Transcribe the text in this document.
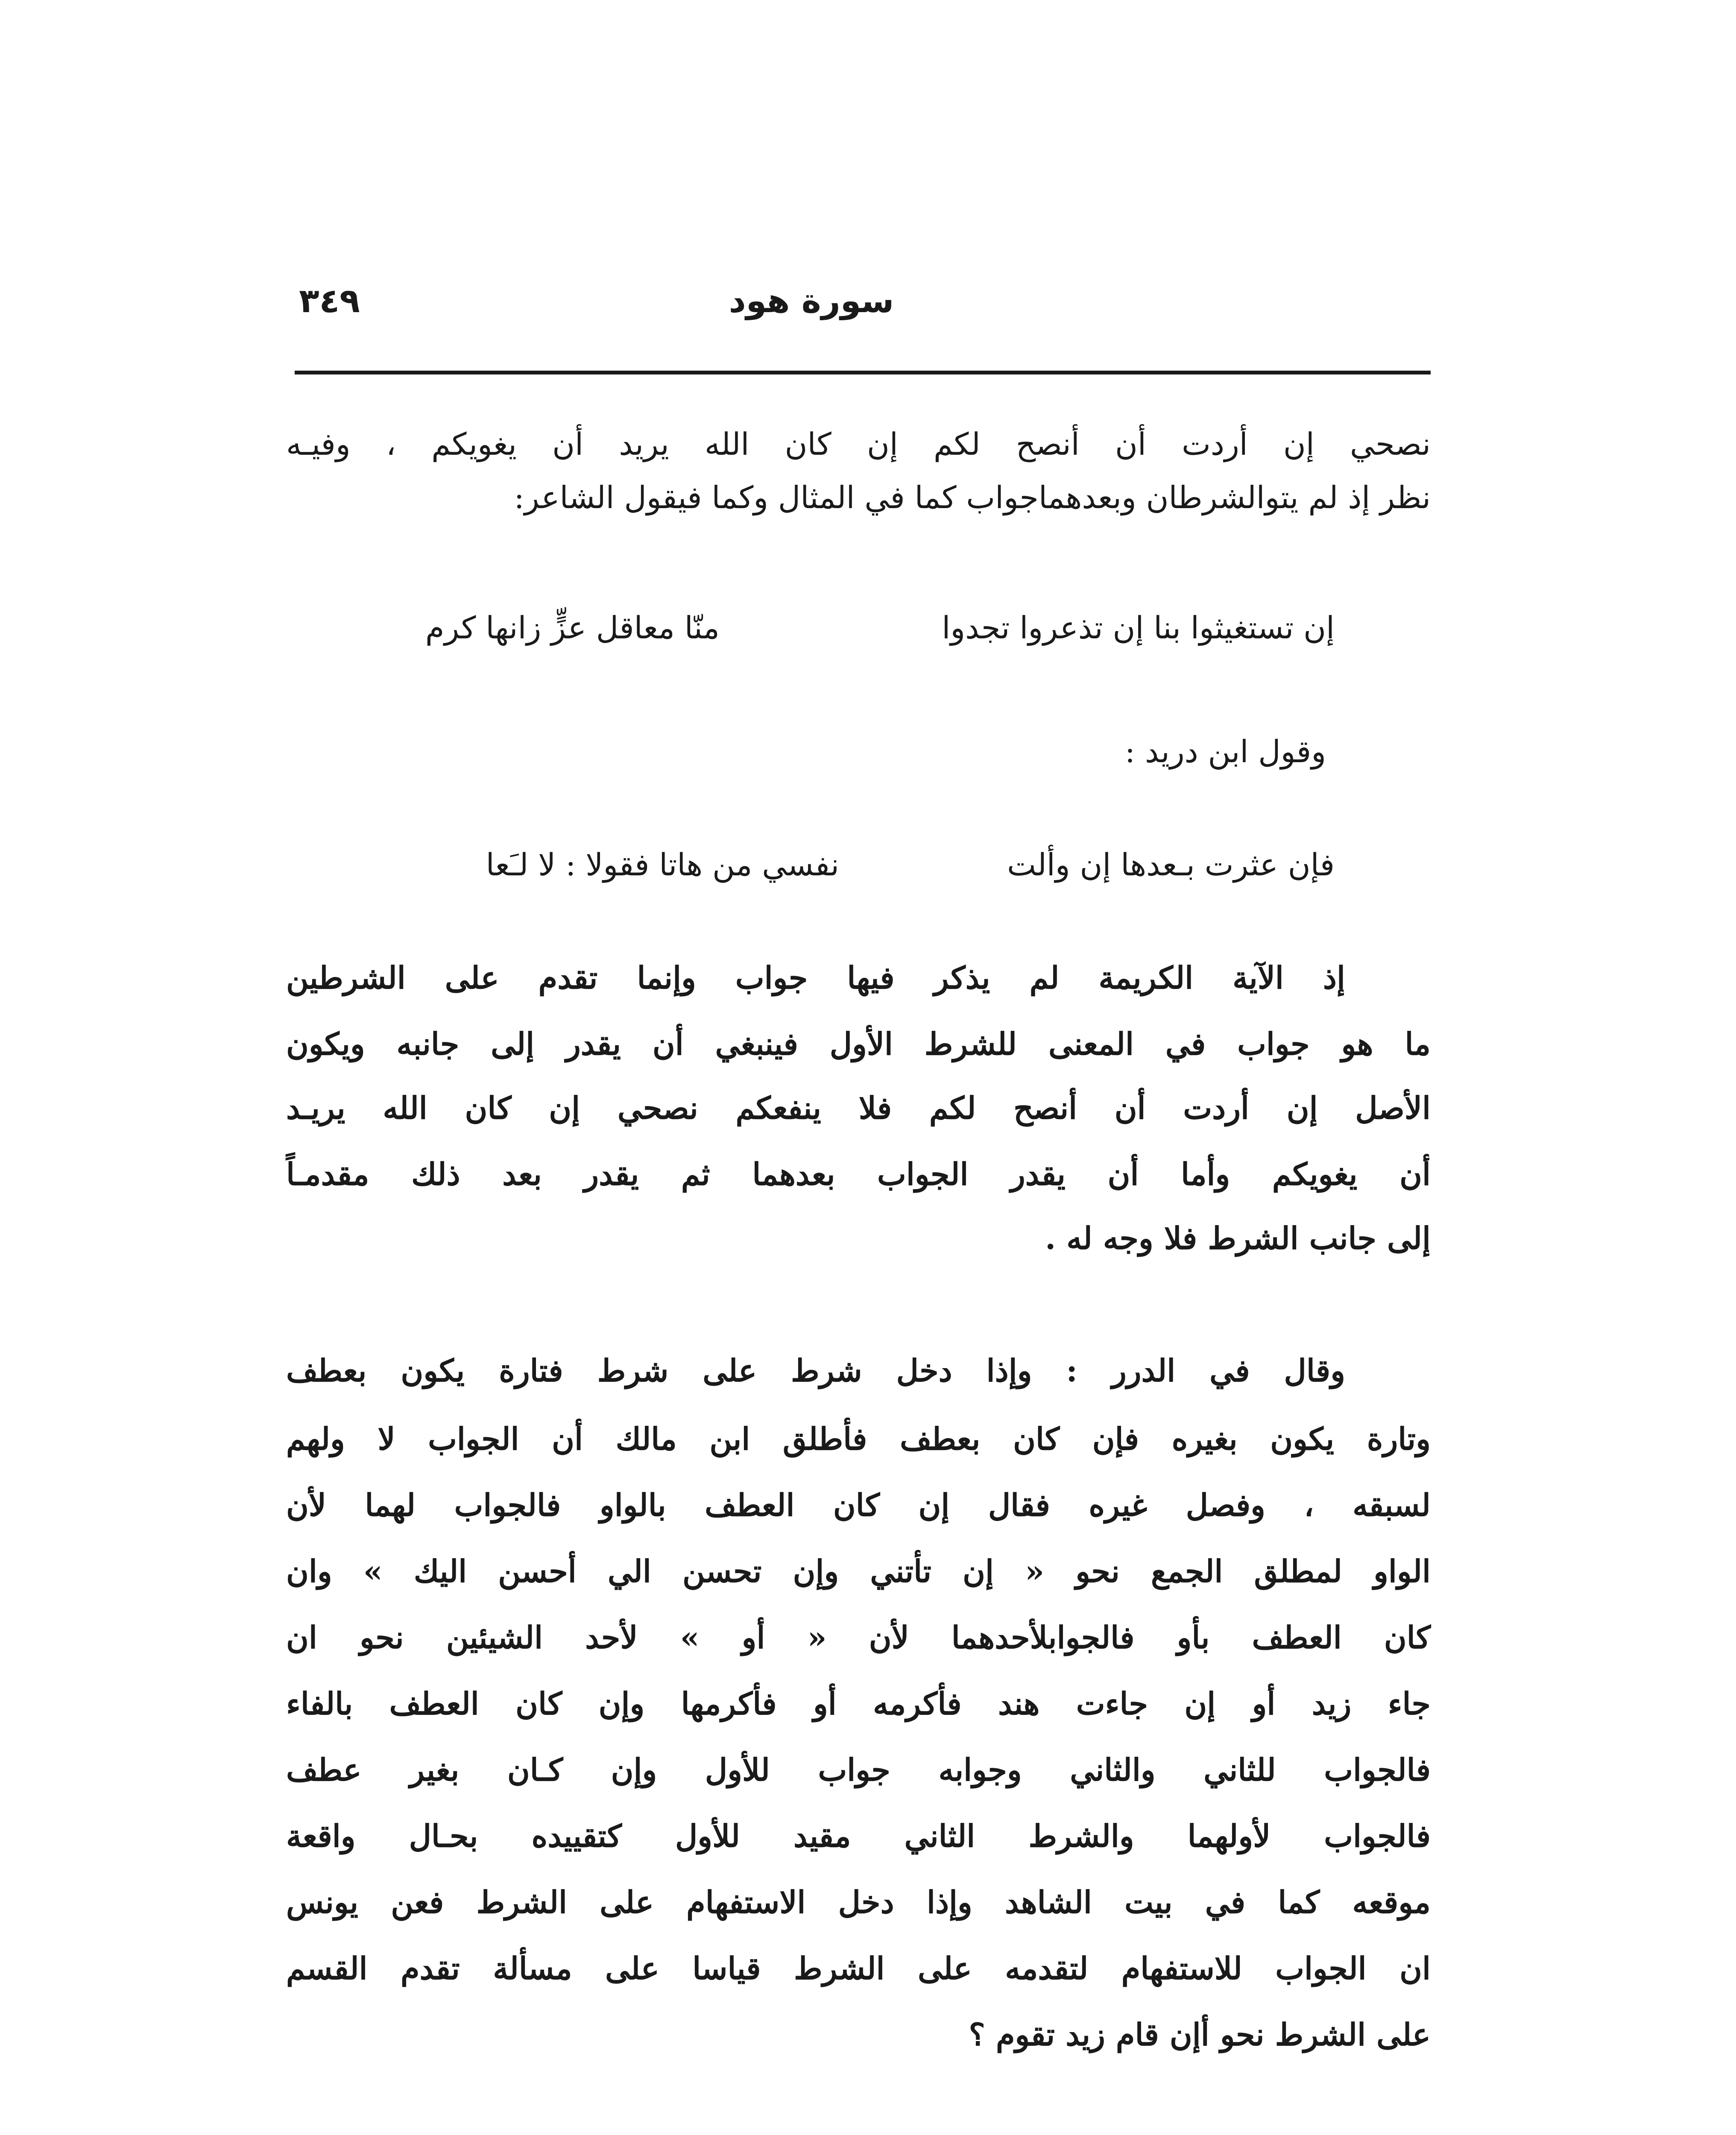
٣٤٩	سورة هود
نصحي إن أردت أن أنصح لكم إن كان الله يريد أن يغويكم ، وفيـه
نظر إذ لم يتوالشرطان وبعدهماجواب كما في المثال وكما فيقول الشاعر:
إن تستغيثوا بنا إن تذعروا تجدوا
منّا معاقل عزٍّ زانها كرم
وقول ابن دريد :
فإن عثرت بـعدها إن وألت
نفسي من هاتا فقولا : لا لـَعا
إذ الآية الكريمة لم يذكر فيها جواب وإنما تقدم على الشرطين
ما هو جواب في المعنى للشرط الأول فينبغي أن يقدر إلى جانبه ويكون
الأصل إن أردت أن أنصح لكم فلا ينفعكم نصحي إن كان الله يريـد
أن يغويكم وأما أن يقدر الجواب بعدهما ثم يقدر بعد ذلك مقدمـاً
إلى جانب الشرط فلا وجه له .
وقال في الدرر : وإذا دخل شرط على شرط فتارة يكون بعطف
وتارة يكون بغيره فإن كان بعطف فأطلق ابن مالك أن الجواب لا ولهم
لسبقه ، وفصل غيره فقال إن كان العطف بالواو فالجواب لهما لأن
الواو لمطلق الجمع نحو « إن تأتني وإن تحسن الي أحسن اليك » وان
كان العطف بأو فالجوابلأحدهما لأن « أو » لأحد الشيئين نحو ان
جاء زيد أو إن جاءت هند فأكرمه أو فأكرمها وإن كان العطف بالفاء
فالجواب للثاني والثاني وجوابه جواب للأول وإن كـان بغير عطف
فالجواب لأولهما والشرط الثاني مقيد للأول كتقييده بحـال واقعة
موقعه كما في بيت الشاهد وإذا دخل الاستفهام على الشرط فعن يونس
ان الجواب للاستفهام لتقدمه على الشرط قياسا على مسألة تقدم القسم
على الشرط نحو أإن قام زيد تقوم ؟
